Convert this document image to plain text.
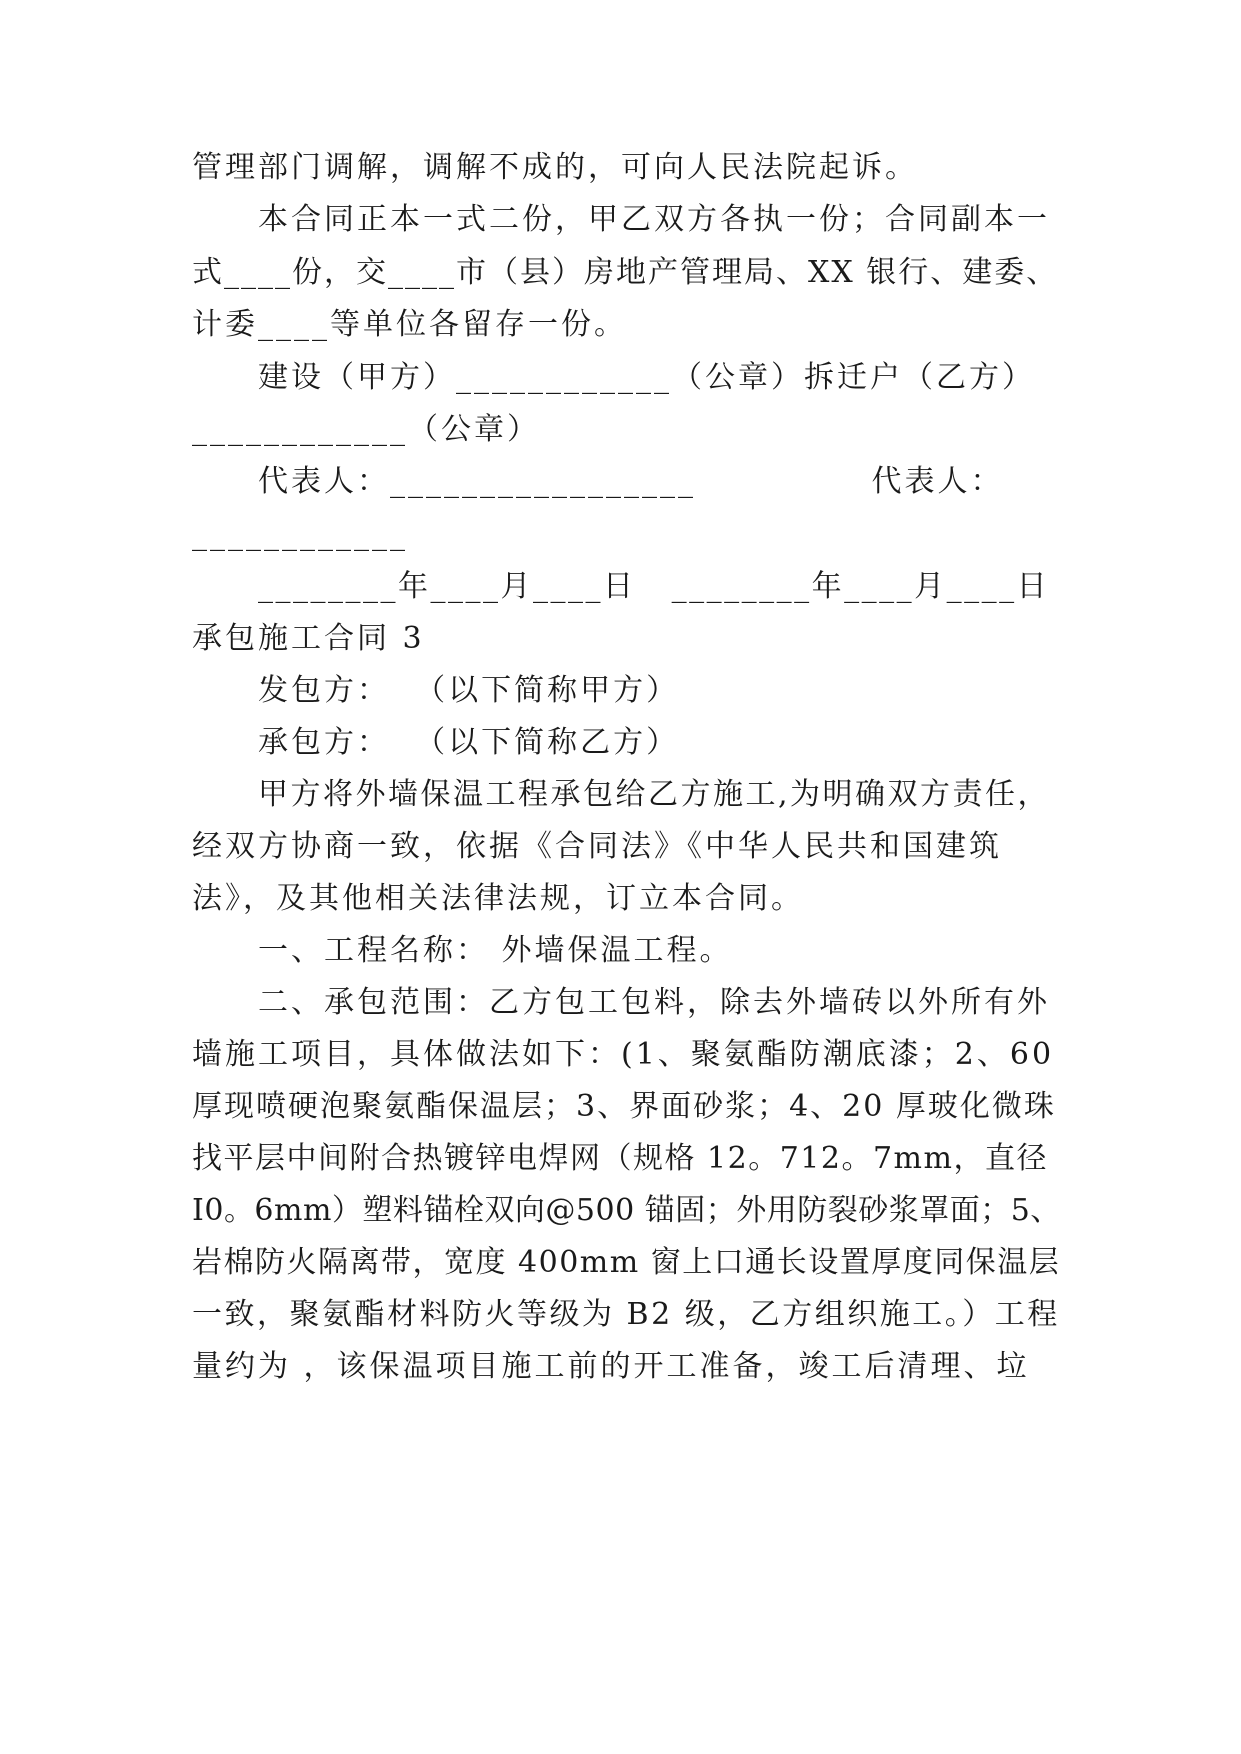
管理部门调解，调解不成的，可向人民法院起诉。
本合同正本一式二份，甲乙双方各执一份；合同副本一
式____份，交____市（县）房地产管理局、XX 银行、建委、
计委____等单位各留存一份。
建设（甲方）____________（公章）拆迁户（乙方）
____________（公章）
代表人：_________________              代表人：
____________
________年____月____日   ________年____月____日
承包施工合同 3
发包方：  （以下简称甲方）
承包方：  （以下简称乙方）
甲方将外墙保温工程承包给乙方施工,为明确双方责任，
经双方协商一致，依据《合同法》《中华人民共和国建筑
法》，及其他相关法律法规，订立本合同。
一、工程名称： 外墙保温工程。
二、承包范围：乙方包工包料，除去外墙砖以外所有外
墙施工项目，具体做法如下：(1、聚氨酯防潮底漆；2、60
厚现喷硬泡聚氨酯保温层；3、界面砂浆；4、20 厚玻化微珠
找平层中间附合热镀锌电焊网（规格 12。712。7mm，直径
I0。6mm）塑料锚栓双向@500 锚固；外用防裂砂浆罩面；5、
岩棉防火隔离带，宽度 400mm 窗上口通长设置厚度同保温层
一致，聚氨酯材料防火等级为 B2 级，乙方组织施工。）工程
量约为 ，该保温项目施工前的开工准备，竣工后清理、垃
